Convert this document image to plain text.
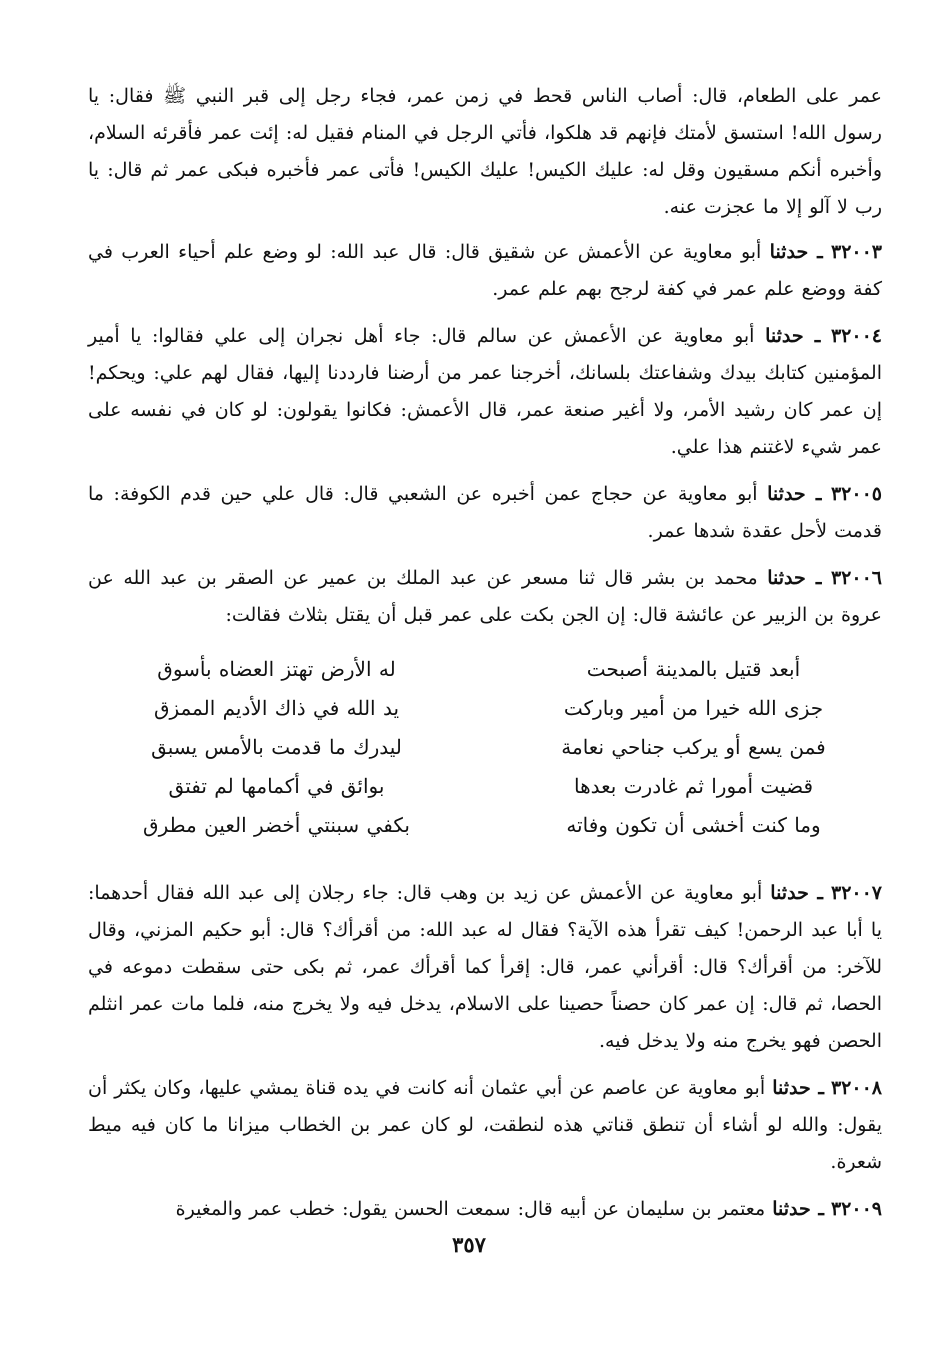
عمر على الطعام، قال: أصاب الناس قحط في زمن عمر، فجاء رجل إلى قبر النبي ﷺ فقال: يا رسول الله! استسق لأمتك فإنهم قد هلكوا، فأتي الرجل في المنام فقيل له: إئت عمر فأقرئه السلام، وأخبره أنكم مسقيون وقل له: عليك الكيس! عليك الكيس! فأتى عمر فأخبره فبكى عمر ثم قال: يا رب لا آلو إلا ما عجزت عنه.

٣٢٠٠٣ ـ حدثنا أبو معاوية عن الأعمش عن شقيق قال: قال عبد الله: لو وضع علم أحياء العرب في كفة ووضع علم عمر في كفة لرجح بهم علم عمر.

٣٢٠٠٤ ـ حدثنا أبو معاوية عن الأعمش عن سالم قال: جاء أهل نجران إلى علي فقالوا: يا أمير المؤمنين كتابك بيدك وشفاعتك بلسانك، أخرجنا عمر من أرضنا فارددنا إليها، فقال لهم علي: ويحكم! إن عمر كان رشيد الأمر، ولا أغير صنعة عمر، قال الأعمش: فكانوا يقولون: لو كان في نفسه على عمر شيء لاغتنم هذا علي.

٣٢٠٠٥ ـ حدثنا أبو معاوية عن حجاج عمن أخبره عن الشعبي قال: قال علي حين قدم الكوفة: ما قدمت لأحل عقدة شدها عمر.

٣٢٠٠٦ ـ حدثنا محمد بن بشر قال ثنا مسعر عن عبد الملك بن عمير عن الصقر بن عبد الله عن عروة بن الزبير عن عائشة قال: إن الجن بكت على عمر قبل أن يقتل بثلاث فقالت:

أبعد قتيل بالمدينة أصبحت
له الأرض تهتز العضاه بأسوق
جزى الله خيرا من أمير وباركت
يد الله في ذاك الأديم الممزق
فمن يسع أو يركب جناحي نعامة
ليدرك ما قدمت بالأمس يسبق
قضيت أمورا ثم غادرت بعدها
بوائق في أكمامها لم تفتق
وما كنت أخشى أن تكون وفاته
بكفي سبنتي أخضر العين مطرق

٣٢٠٠٧ ـ حدثنا أبو معاوية عن الأعمش عن زيد بن وهب قال: جاء رجلان إلى عبد الله فقال أحدهما: يا أبا عبد الرحمن! كيف تقرأ هذه الآية؟ فقال له عبد الله: من أقرأك؟ قال: أبو حكيم المزني، وقال للآخر: من أقرأك؟ قال: أقرأني عمر، قال: إقرأ كما أقرأك عمر، ثم بكى حتى سقطت دموعه في الحصا، ثم قال: إن عمر كان حصناً حصينا على الاسلام، يدخل فيه ولا يخرج منه، فلما مات عمر انثلم الحصن فهو يخرج منه ولا يدخل فيه.

٣٢٠٠٨ ـ حدثنا أبو معاوية عن عاصم عن أبي عثمان أنه كانت في يده قناة يمشي عليها، وكان يكثر أن يقول: والله لو أشاء أن تنطق قناتي هذه لنطقت، لو كان عمر بن الخطاب ميزانا ما كان فيه ميط شعرة.

٣٢٠٠٩ ـ حدثنا معتمر بن سليمان عن أبيه قال: سمعت الحسن يقول: خطب عمر والمغيرة

٣٥٧
